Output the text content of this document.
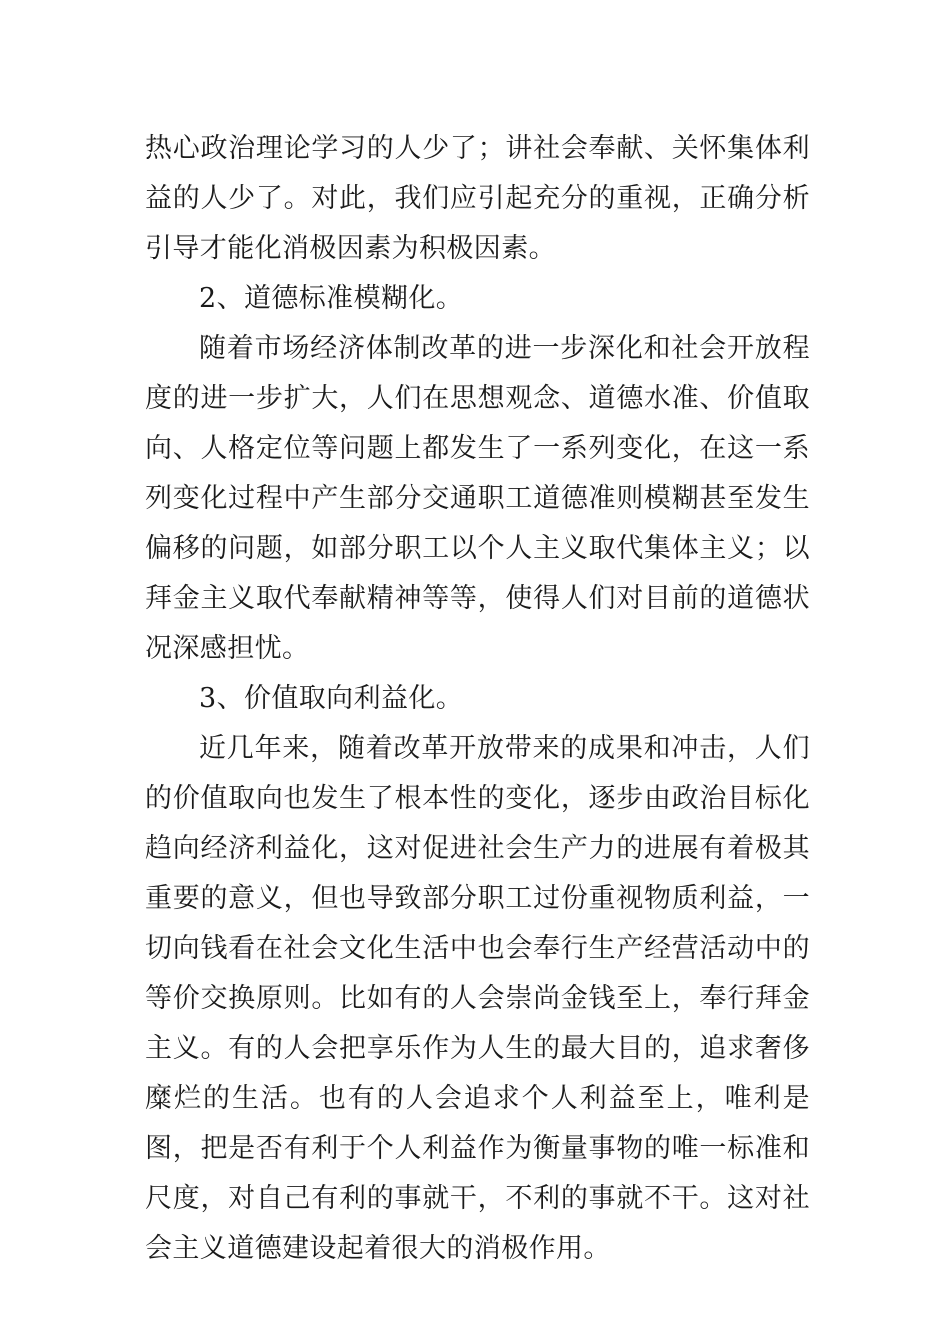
热心政治理论学习的人少了；讲社会奉献、关怀集体利益的人少了。对此，我们应引起充分的重视，正确分析引导才能化消极因素为积极因素。

2、道德标准模糊化。

随着市场经济体制改革的进一步深化和社会开放程度的进一步扩大，人们在思想观念、道德水准、价值取向、人格定位等问题上都发生了一系列变化，在这一系列变化过程中产生部分交通职工道德准则模糊甚至发生偏移的问题，如部分职工以个人主义取代集体主义；以拜金主义取代奉献精神等等，使得人们对目前的道德状况深感担忧。

3、价值取向利益化。

近几年来，随着改革开放带来的成果和冲击，人们的价值取向也发生了根本性的变化，逐步由政治目标化趋向经济利益化，这对促进社会生产力的进展有着极其重要的意义，但也导致部分职工过份重视物质利益，一切向钱看在社会文化生活中也会奉行生产经营活动中的等价交换原则。比如有的人会崇尚金钱至上，奉行拜金主义。有的人会把享乐作为人生的最大目的，追求奢侈糜烂的生活。也有的人会追求个人利益至上，唯利是图，把是否有利于个人利益作为衡量事物的唯一标准和尺度，对自己有利的事就干，不利的事就不干。这对社会主义道德建设起着很大的消极作用。
